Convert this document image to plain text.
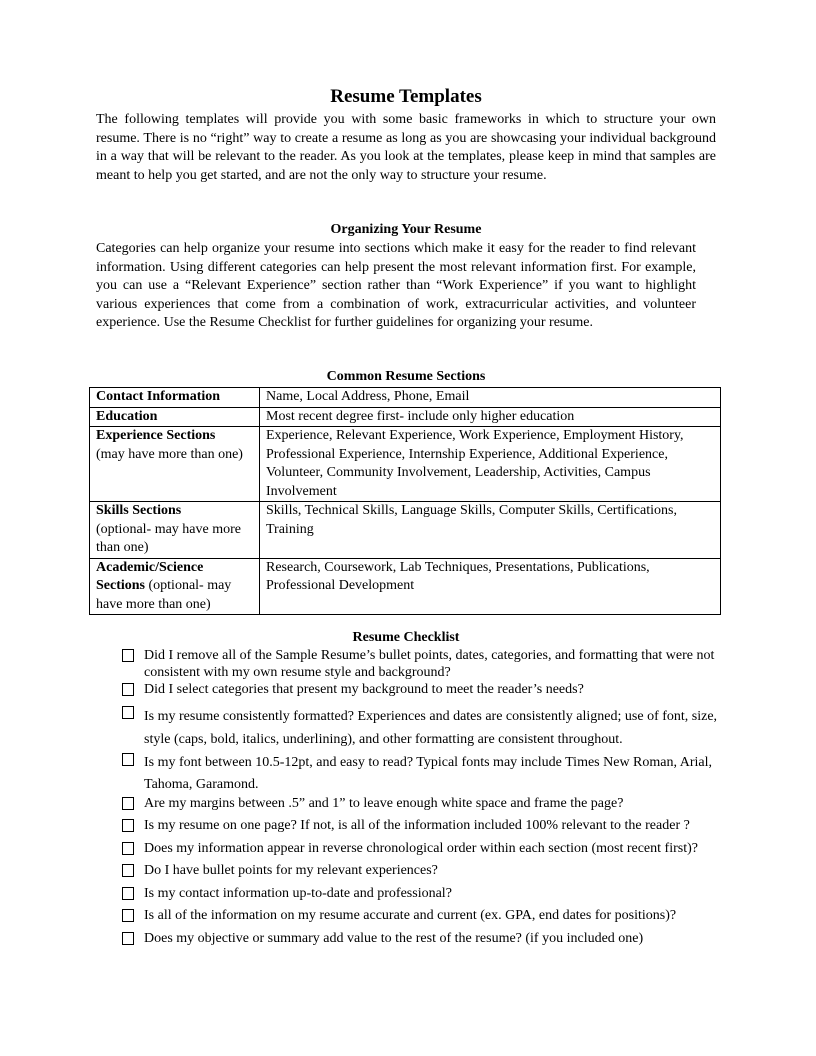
Resume Templates
The following templates will provide you with some basic frameworks in which to structure your own resume. There is no “right” way to create a resume as long as you are showcasing your individual background in a way that will be relevant to the reader. As you look at the templates, please keep in mind that samples are meant to help you get started, and are not the only way to structure your resume.
Organizing Your Resume
Categories can help organize your resume into sections which make it easy for the reader to find relevant information. Using different categories can help present the most relevant information first. For example, you can use a “Relevant Experience” section rather than “Work Experience” if you want to highlight various experiences that come from a combination of work, extracurricular activities, and volunteer experience. Use the Resume Checklist for further guidelines for organizing your resume.
Common Resume Sections
Contact Information	Name, Local Address, Phone, Email
Education	Most recent degree first- include only higher education
Experience Sections
(may have more than one)	Experience, Relevant Experience, Work Experience, Employment History, Professional Experience, Internship Experience, Additional Experience, Volunteer, Community Involvement, Leadership, Activities, Campus Involvement
Skills Sections
(optional- may have more than one)	Skills, Technical Skills, Language Skills, Computer Skills, Certifications, Training
Academic/Science Sections (optional- may have more than one)	Research, Coursework, Lab Techniques, Presentations, Publications, Professional Development
Resume Checklist
Did I remove all of the Sample Resume’s bullet points, dates, categories, and formatting that were not consistent with my own resume style and background?
Did I select categories that present my background to meet the reader’s needs?
Is my resume consistently formatted? Experiences and dates are consistently aligned; use of font, size, style (caps, bold, italics, underlining), and other formatting are consistent throughout.
Is my font between 10.5-12pt, and easy to read? Typical fonts may include Times New Roman, Arial, Tahoma, Garamond.
Are my margins between .5” and 1” to leave enough white space and frame the page?
Is my resume on one page? If not, is all of the information included 100% relevant to the reader ?
Does my information appear in reverse chronological order within each section (most recent first)?
Do I have bullet points for my relevant experiences?
Is my contact information up-to-date and professional?
Is all of the information on my resume accurate and current (ex. GPA, end dates for positions)?
Does my objective or summary add value to the rest of the resume? (if you included one)
